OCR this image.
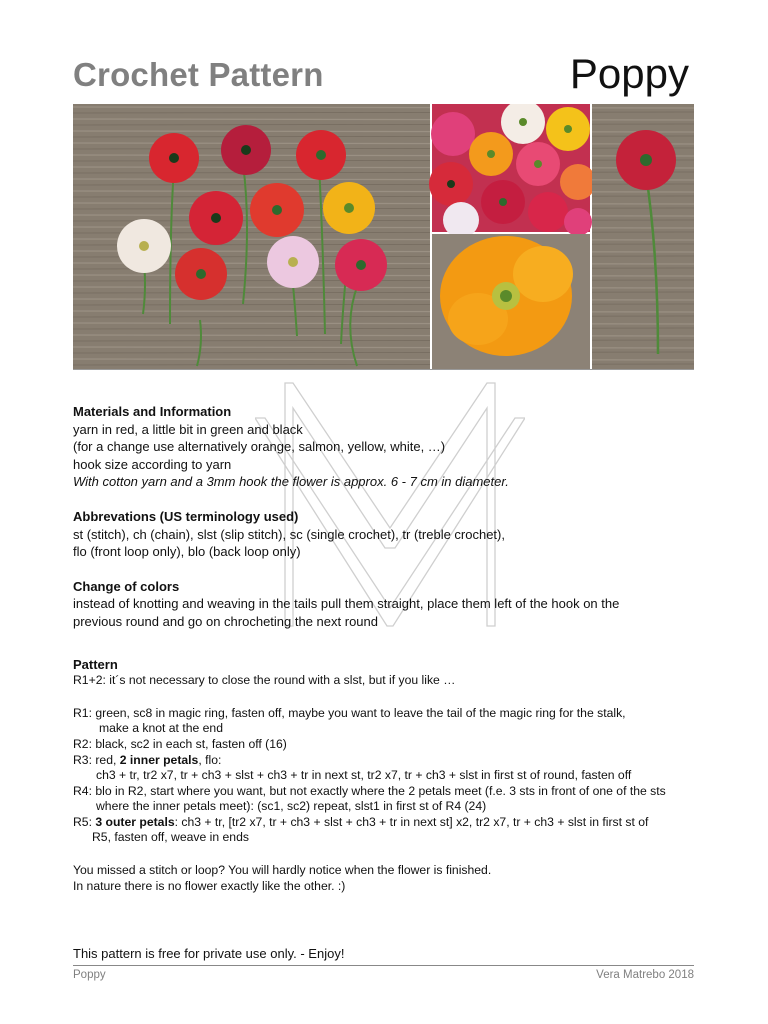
Crochet Pattern	Poppy

Materials and Information

yarn in red, a little bit in green and black

(for a change use alternatively orange, salmon, yellow, white, …)

hook size according to yarn

With cotton yarn and a 3mm hook the flower is approx. 6 - 7 cm in diameter.

Abbrevations (US terminology used)

st (stitch), ch (chain), slst (slip stitch), sc (single crochet), tr (treble crochet),

flo (front loop only), blo (back loop only)

Change of colors

instead of knotting and weaving in the tails pull them straight, place them left of the hook on the

previous round and go on chrocheting the next round

Pattern

R1+2: it´s not necessary to close the round with a slst, but if you like …

R1: green, sc8 in magic ring, fasten off, maybe you want to leave the tail of the magic ring for the stalk,

make a knot at the end

R2: black, sc2 in each st, fasten off (16)

R3: red, 2 inner petals, flo:

ch3 + tr, tr2 x7, tr + ch3 + slst + ch3 + tr in next st, tr2 x7, tr + ch3 + slst in first st of round, fasten off

R4: blo in R2, start where you want, but not exactly where the 2 petals meet (f.e. 3 sts in front of one of the sts

where the inner petals meet): (sc1, sc2) repeat, slst1 in first st of R4 (24)

R5: 3 outer petals: ch3 + tr, [tr2 x7, tr + ch3 + slst + ch3 + tr in next st] x2, tr2 x7, tr + ch3 + slst in first st of

R5, fasten off, weave in ends

You missed a stitch or loop? You will hardly notice when the flower is finished.

In nature there is no flower exactly like the other. :)

This pattern is free for private use only. - Enjoy!
Poppy	Vera Matrebo 2018
